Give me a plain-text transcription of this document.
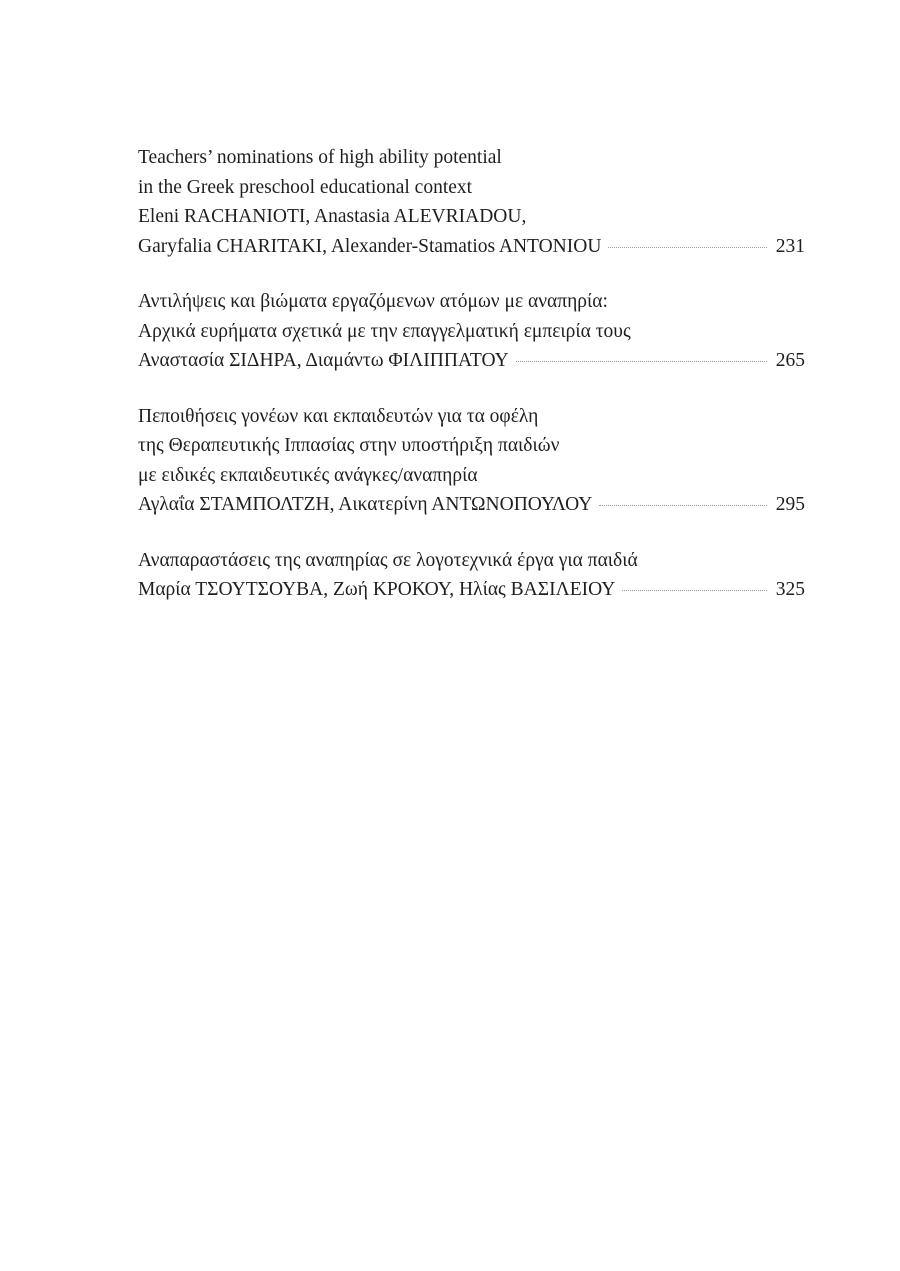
Teachers’ nominations of high ability potential
in the Greek preschool educational context
Eleni RACHANIOTI, Anastasia ALEVRIADOU,
Garyfalia CHARITAKI, Alexander-Stamatios ANTONIOU	231
Αντιλήψεις και βιώματα εργαζόμενων ατόμων με αναπηρία:
Αρχικά ευρήματα σχετικά με την επαγγελματική εμπειρία τους
Αναστασία ΣΙΔΗΡΑ, Διαμάντω ΦΙΛΙΠΠΑΤΟΥ	265
Πεποιθήσεις γονέων και εκπαιδευτών για τα οφέλη
της Θεραπευτικής Ιππασίας στην υποστήριξη παιδιών
με ειδικές εκπαιδευτικές ανάγκες/αναπηρία
Αγλαΐα ΣΤΑΜΠΟΛΤΖΗ, Αικατερίνη ΑΝΤΩΝΟΠΟΥΛΟΥ	295
Αναπαραστάσεις της αναπηρίας σε λογοτεχνικά έργα για παιδιά
Μαρία ΤΣΟΥΤΣΟΥΒΑ, Ζωή ΚΡΟΚΟΥ, Ηλίας ΒΑΣΙΛΕΙΟΥ	325
